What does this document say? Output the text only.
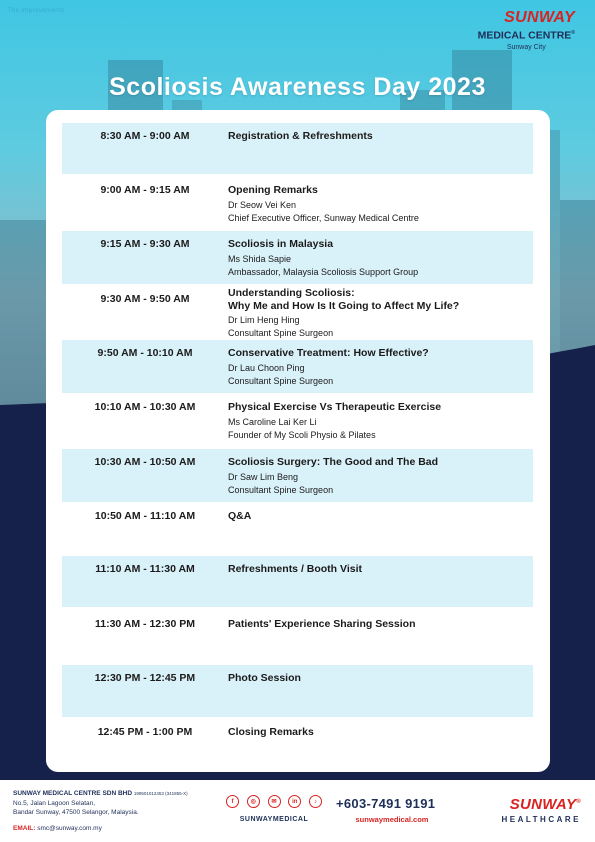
The Improvements	SUNWAY
MEDICAL CENTRE®
Sunway City
Scoliosis Awareness Day 2023
8:30 AM - 9:00 AM	Registration & Refreshments
9:00 AM - 9:15 AM	Opening Remarks
Dr Seow Vei Ken
Chief Executive Officer, Sunway Medical Centre
9:15 AM - 9:30 AM	Scoliosis in Malaysia
Ms Shida Sapie
Ambassador, Malaysia Scoliosis Support Group
9:30 AM - 9:50 AM	Understanding Scoliosis:
Why Me and How Is It Going to Affect My Life?
Dr Lim Heng Hing
Consultant Spine Surgeon
9:50 AM - 10:10 AM	Conservative Treatment: How Effective?
Dr Lau Choon Ping
Consultant Spine Surgeon
10:10 AM - 10:30 AM	Physical Exercise Vs Therapeutic Exercise
Ms Caroline Lai Ker Li
Founder of My Scoli Physio & Pilates
10:30 AM - 10:50 AM	Scoliosis Surgery: The Good and The Bad
Dr Saw Lim Beng
Consultant Spine Surgeon
10:50 AM - 11:10 AM	Q&A
11:10 AM - 11:30 AM	Refreshments / Booth Visit
11:30 AM - 12:30 PM	Patients' Experience Sharing Session
12:30 PM - 12:45 PM	Photo Session
12:45 PM - 1:00 PM	Closing Remarks
SUNWAY MEDICAL CENTRE SDN BHD 199501012453 (341855-X)
No.5, Jalan Lagoon Selatan,
Bandar Sunway, 47500 Selangor, Malaysia.
EMAIL: smc@sunway.com.my
f	◎	✉	in	♪
SUNWAYMEDICAL
+603-7491 9191
sunwaymedical.com
SUNWAY®
HEALTHCARE
